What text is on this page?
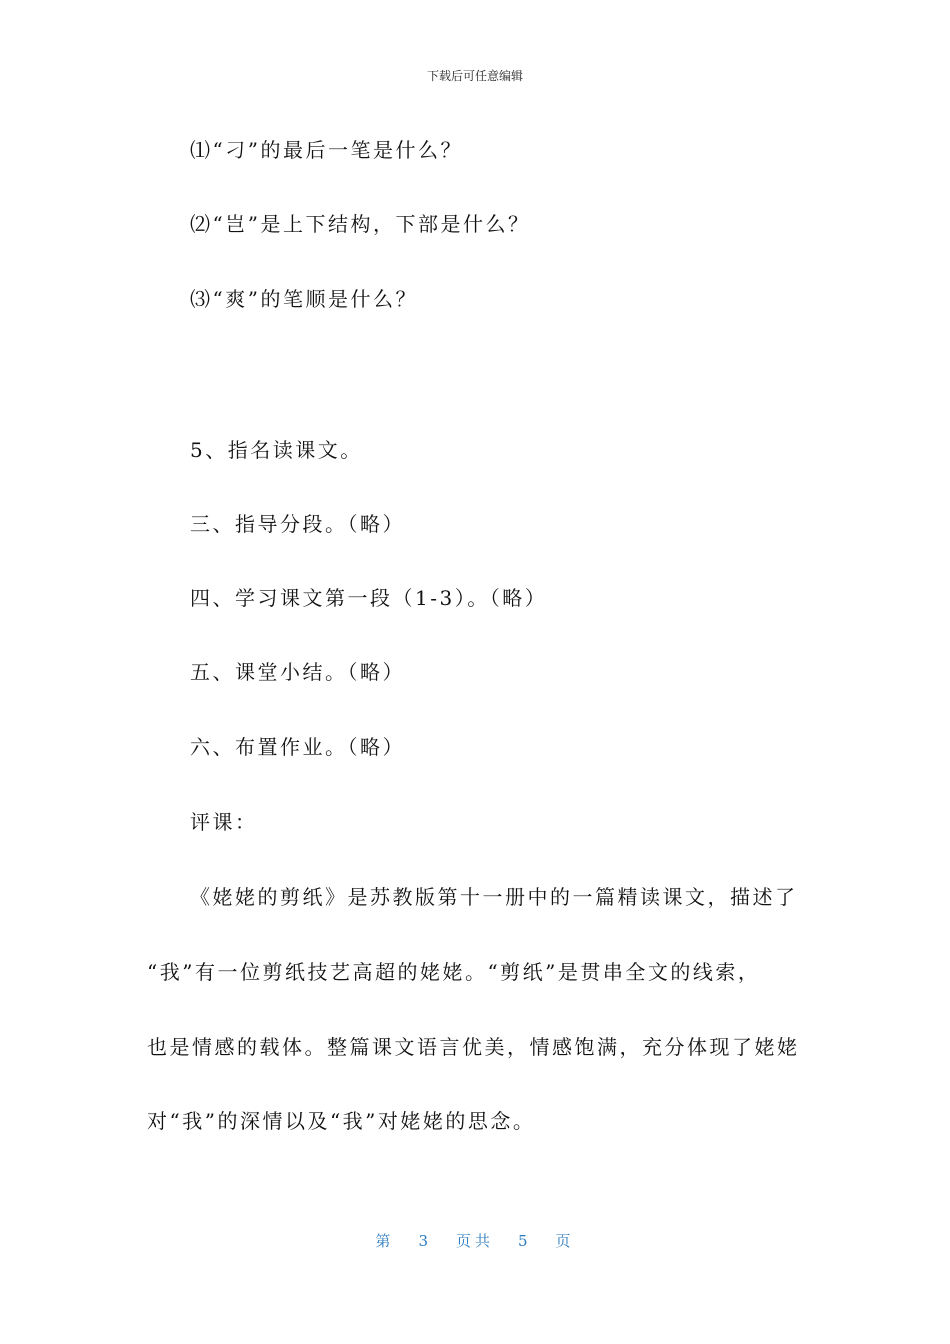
下载后可任意编辑
⑴“刁”的最后一笔是什么？
⑵“岂”是上下结构，下部是什么？
⑶“爽”的笔顺是什么？
5、指名读课文。
三、指导分段。（略）
四、学习课文第一段（1-3）。（略）
五、课堂小结。（略）
六、布置作业。（略）
评课：
《姥姥的剪纸》是苏教版第十一册中的一篇精读课文，描述了
“我”有一位剪纸技艺高超的姥姥。“剪纸”是贯串全文的线索，
也是情感的载体。整篇课文语言优美，情感饱满，充分体现了姥姥
对“我”的深情以及“我”对姥姥的思念。
第 3 页共 5 页
